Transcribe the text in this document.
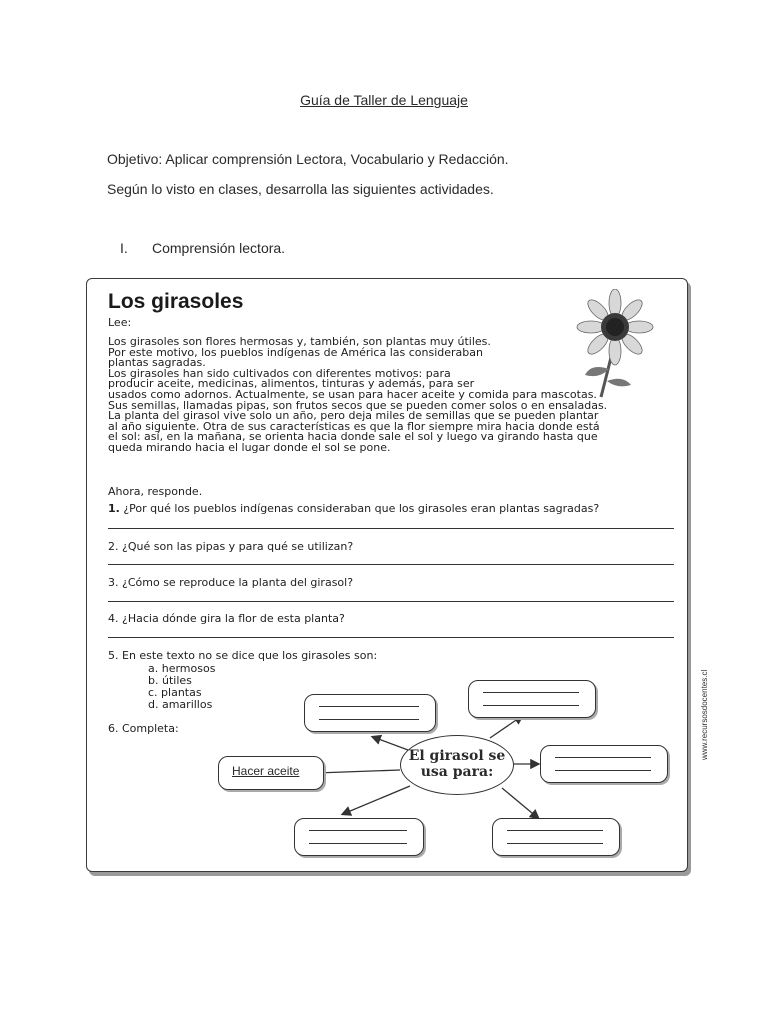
Guía de Taller de Lenguaje
Objetivo: Aplicar comprensión Lectora, Vocabulario y Redacción.
Según lo visto en clases, desarrolla las siguientes actividades.
I. Comprensión lectora.
Los girasoles
Lee:
Los girasoles son flores hermosas y, también, son plantas muy útiles.
Por este motivo, los pueblos indígenas de América las consideraban
plantas sagradas.
Los girasoles han sido cultivados con diferentes motivos: para
producir aceite, medicinas, alimentos, tinturas y además, para ser
usados como adornos. Actualmente, se usan para hacer aceite y comida para mascotas.
Sus semillas, llamadas pipas, son frutos secos que se pueden comer solos o en ensaladas.
La planta del girasol vive solo un año, pero deja miles de semillas que se pueden plantar
al año siguiente. Otra de sus características es que la flor siempre mira hacia donde está
el sol: así, en la mañana, se orienta hacia donde sale el sol y luego va girando hasta que
queda mirando hacia el lugar donde el sol se pone.
Ahora, responde.
1. ¿Por qué los pueblos indígenas consideraban que los girasoles eran plantas sagradas?
2. ¿Qué son las pipas y para qué se utilizan?
3. ¿Cómo se reproduce la planta del girasol?
4. ¿Hacia dónde gira la flor de esta planta?
5. En este texto no se dice que los girasoles son:
a. hermosos
b. útiles
c. plantas
d. amarillos
6. Completa:
Hacer aceite
El girasol se
usa para:
www.recursosdocentes.cl
